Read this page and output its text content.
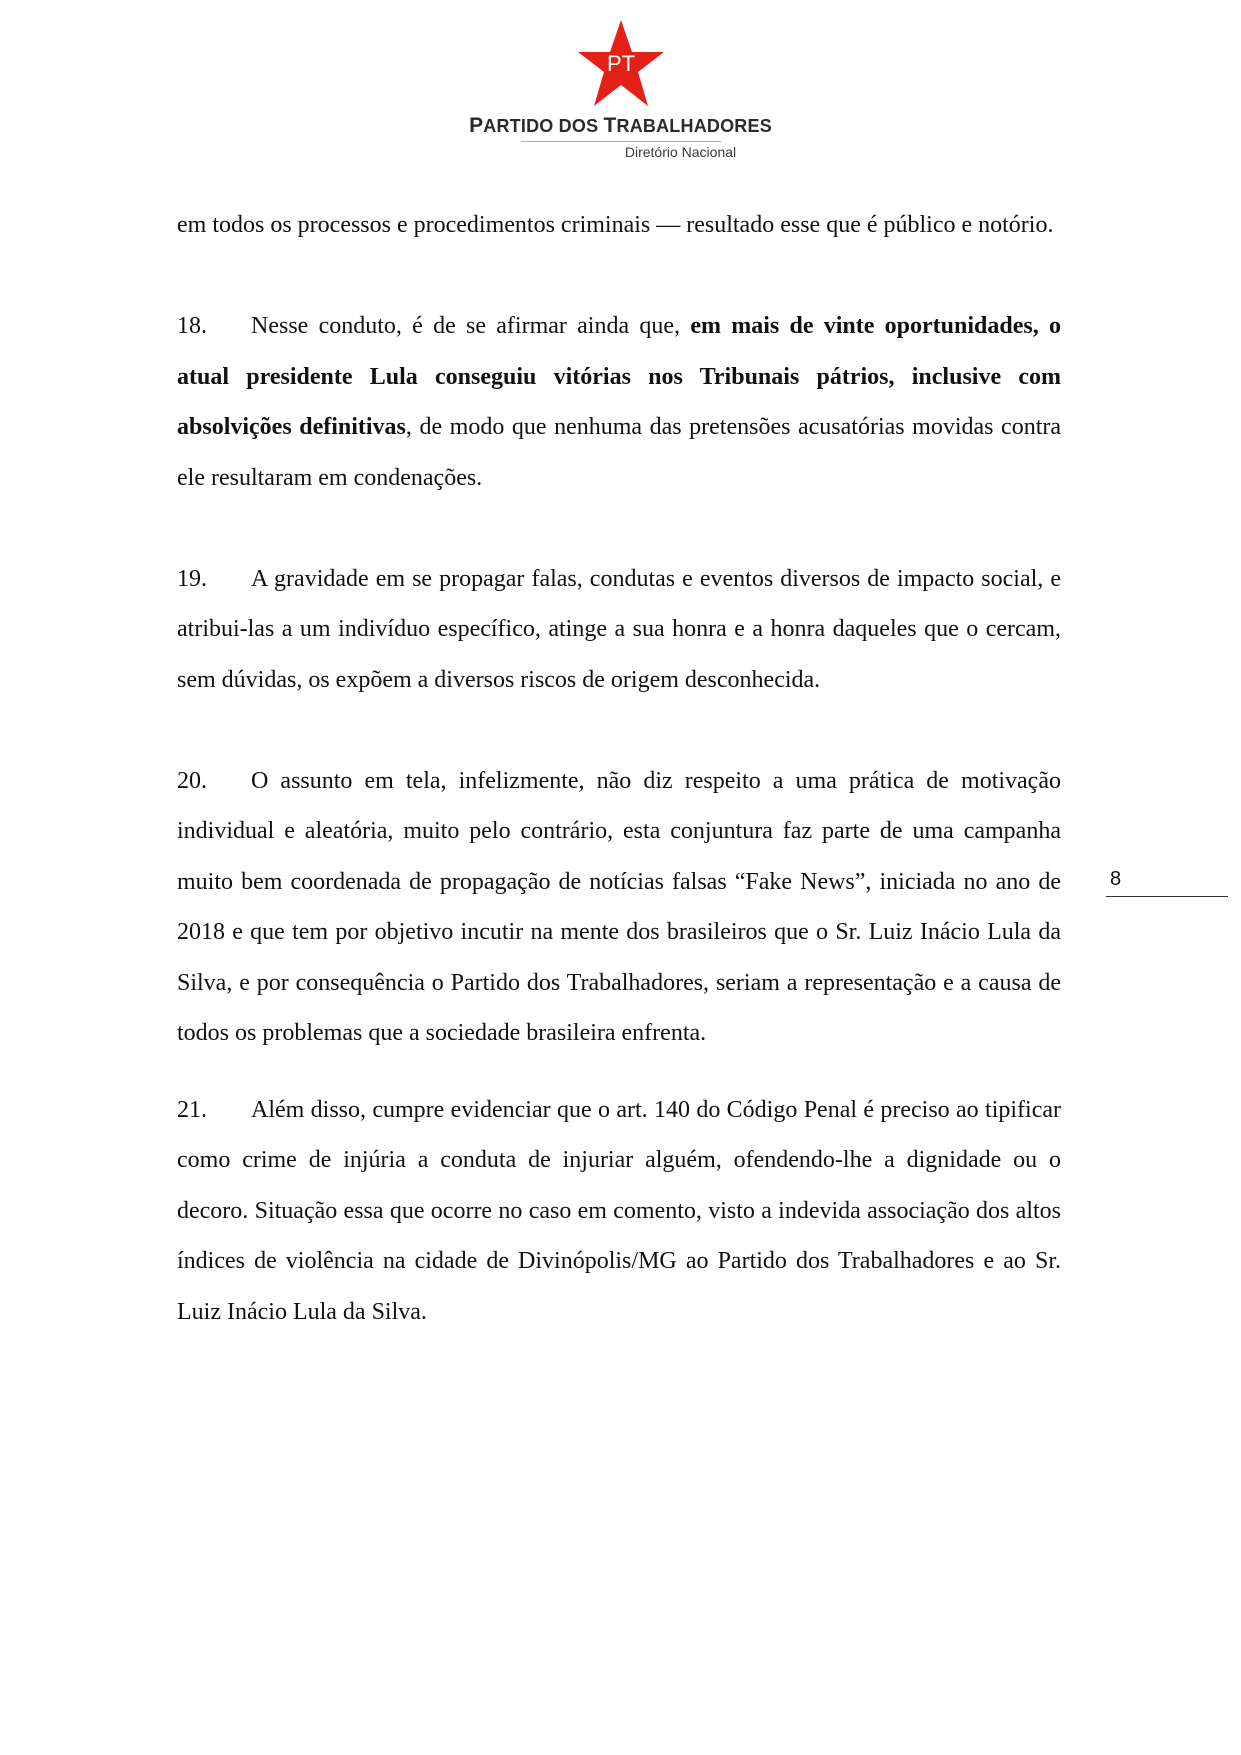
PT
PARTIDO DOS TRABALHADORES
Diretório Nacional

em todos os processos e procedimentos criminais — resultado esse que é público e notório.

18. Nesse conduto, é de se afirmar ainda que, em mais de vinte oportunidades, o atual presidente Lula conseguiu vitórias nos Tribunais pátrios, inclusive com absolvições definitivas, de modo que nenhuma das pretensões acusatórias movidas contra ele resultaram em condenações.

19. A gravidade em se propagar falas, condutas e eventos diversos de impacto social, e atribui-las a um indivíduo específico, atinge a sua honra e a honra daqueles que o cercam, sem dúvidas, os expõem a diversos riscos de origem desconhecida.

20. O assunto em tela, infelizmente, não diz respeito a uma prática de motivação individual e aleatória, muito pelo contrário, esta conjuntura faz parte de uma campanha muito bem coordenada de propagação de notícias falsas “Fake News”, iniciada no ano de 2018 e que tem por objetivo incutir na mente dos brasileiros que o Sr. Luiz Inácio Lula da Silva, e por consequência o Partido dos Trabalhadores, seriam a representação e a causa de todos os problemas que a sociedade brasileira enfrenta.

21. Além disso, cumpre evidenciar que o art. 140 do Código Penal é preciso ao tipificar como crime de injúria a conduta de injuriar alguém, ofendendo-lhe a dignidade ou o decoro. Situação essa que ocorre no caso em comento, visto a indevida associação dos altos índices de violência na cidade de Divinópolis/MG ao Partido dos Trabalhadores e ao Sr. Luiz Inácio Lula da Silva.

8
